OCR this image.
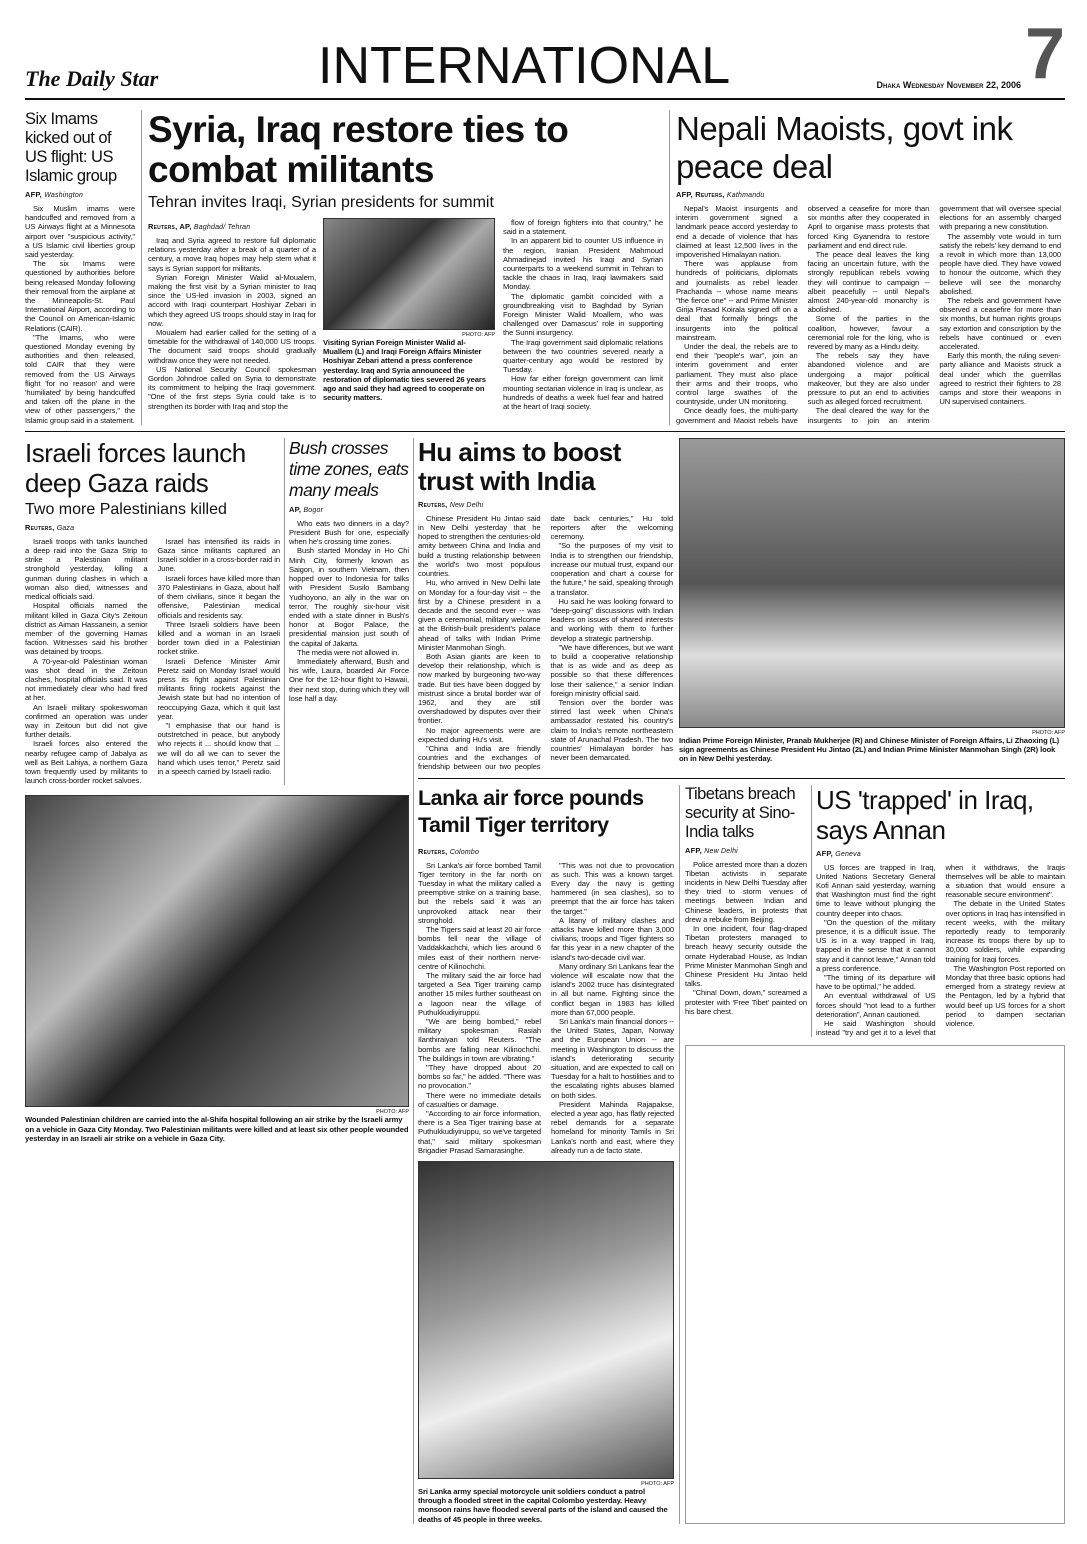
The Daily Star	INTERNATIONAL	Dhaka Wednesday November 22, 2006 7
Six Imams kicked out of US flight: US Islamic group
AFP, Washington

Six Muslim imams were handcuffed and removed from a US Airways flight at a Minnesota airport over "suspicious activity," a US Islamic civil liberties group said yesterday.

The six Imams were questioned by authorities before being released Monday following their removal from the airplane at the Minneapolis-St. Paul International Airport, according to the Council on American-Islamic Relations (CAIR).

"The Imams, who were questioned Monday evening by authorities and then released, told CAIR that they were removed from the US Airways flight 'for no reason' and were 'humiliated' by being handcuffed and taken off the plane in the view of other passengers," the Islamic group said in a statement.

Syria, Iraq restore ties to combat militants
Tehran invites Iraqi, Syrian presidents for summit
Reuters, AP, Baghdad/ Tehran

Iraq and Syria agreed to restore full diplomatic relations yesterday after a break of a quarter of a century, a move Iraq hopes may help stem what it says is Syrian support for militants.

Syrian Foreign Minister Walid al-Moualem, making the first visit by a Syrian minister to Iraq since the US-led invasion in 2003, signed an accord with Iraqi counterpart Hoshiyar Zebari in which they agreed US troops should stay in Iraq for now.

Moualem had earlier called for the setting of a timetable for the withdrawal of 140,000 US troops. The document said troops should gradually withdraw once they were not needed.

US National Security Council spokesman Gordon Johndroe called on Syria to demonstrate its commitment to helping the Iraqi government. "One of the first steps Syria could take is to strengthen its border with Iraq and stop the

PHOTO: AFP
Visiting Syrian Foreign Minister Walid al-Muallem (L) and Iraqi Foreign Affairs Minister Hoshiyar Zebari attend a press conference yesterday. Iraq and Syria announced the restoration of diplomatic ties severed 26 years ago and said they had agreed to cooperate on security matters.

flow of foreign fighters into that country," he said in a statement.

In an apparent bid to counter US influence in the region, Iranian President Mahmoud Ahmadinejad invited his Iraqi and Syrian counterparts to a weekend summit in Tehran to tackle the chaos in Iraq, Iraqi lawmakers said Monday.

The diplomatic gambit coincided with a groundbreaking visit to Baghdad by Syrian Foreign Minister Walid Moallem, who was challenged over Damascus' role in supporting the Sunni insurgency.

The Iraqi government said diplomatic relations between the two countries severed nearly a quarter-century ago would be restored by Tuesday.

How far either foreign government can limit mounting sectarian violence in Iraq is unclear, as hundreds of deaths a week fuel fear and hatred at the heart of Iraqi society.

Nepali Maoists, govt ink peace deal
AFP, Reuters, Kathmandu

Nepal's Maoist insurgents and interim government signed a landmark peace accord yesterday to end a decade of violence that has claimed at least 12,500 lives in the impoverished Himalayan nation.

There was applause from hundreds of politicians, diplomats and journalists as rebel leader Prachanda -- whose name means "the fierce one" -- and Prime Minister Girija Prasad Koirala signed off on a deal that formally brings the insurgents into the political mainstream.

Under the deal, the rebels are to end their "people's war", join an interim government and enter parliament. They must also place their arms and their troops, who control large swathes of the countryside, under UN monitoring.

Once deadly foes, the multi-party government and Maoist rebels have observed a ceasefire for more than six months after they cooperated in April to organise mass protests that forced King Gyanendra to restore parliament and end direct rule.

The peace deal leaves the king facing an uncertain future, with the strongly republican rebels vowing they will continue to campaign -- albeit peacefully -- until Nepal's almost 240-year-old monarchy is abolished.

Some of the parties in the coalition, however, favour a ceremonial role for the king, who is revered by many as a Hindu deity.

The rebels say they have abandoned violence and are undergoing a major political makeover, but they are also under pressure to put an end to activities such as alleged forced recruitment.

The deal cleared the way for the insurgents to join an interim government that will oversee special elections for an assembly charged with preparing a new constitution.

The assembly vote would in turn satisfy the rebels' key demand to end a revolt in which more than 13,000 people have died. They have vowed to honour the outcome, which they believe will see the monarchy abolished.

The rebels and government have observed a ceasefire for more than six months, but human rights groups say extortion and conscription by the rebels have continued or even accelerated.

Early this month, the ruling seven-party alliance and Maoists struck a deal under which the guerrillas agreed to restrict their fighters to 28 camps and store their weapons in UN supervised containers.

Israeli forces launch deep Gaza raids
Two more Palestinians killed
Reuters, Gaza

Israeli troops with tanks launched a deep raid into the Gaza Strip to strike a Palestinian militant stronghold yesterday, killing a gunman during clashes in which a woman also died, witnesses and medical officials said.

Hospital officials named the militant killed in Gaza City's Zeitoun district as Aiman Hassanein, a senior member of the governing Hamas faction. Witnesses said his brother was detained by troops.

A 70-year-old Palestinian woman was shot dead in the Zeitoun clashes, hospital officials said. It was not immediately clear who had fired at her.

An Israeli military spokeswoman confirmed an operation was under way in Zeitoun but did not give further details.

Israeli forces also entered the nearby refugee camp of Jabalya as well as Beit Lahiya, a northern Gaza town frequently used by militants to launch cross-border rocket salvoes.

Israel has intensified its raids in Gaza since militants captured an Israeli soldier in a cross-border raid in June.

Israeli forces have killed more than 370 Palestinians in Gaza, about half of them civilians, since it began the offensive, Palestinian medical officials and residents say.

Three Israeli soldiers have been killed and a woman in an Israeli border town died in a Palestinian rocket strike.

Israeli Defence Minister Amir Peretz said on Monday Israel would press its fight against Palestinian militants firing rockets against the Jewish state but had no intention of reoccupying Gaza, which it quit last year.

"I emphasise that our hand is outstretched in peace, but anybody who rejects it ... should know that ... we will do all we can to sever the hand which uses terror," Peretz said in a speech carried by Israeli radio.

Bush crosses time zones, eats many meals
AP, Bogor

Who eats two dinners in a day? President Bush for one, especially when he's crossing time zones.

Bush started Monday in Ho Chi Minh City, formerly known as Saigon, in southern Vietnam, then hopped over to Indonesia for talks with President Susilo Bambang Yudhoyono, an ally in the war on terror. The roughly six-hour visit ended with a state dinner in Bush's honor at Bogor Palace, the presidential mansion just south of the capital of Jakarta.

The media were not allowed in.

Immediately afterward, Bush and his wife, Laura, boarded Air Force One for the 12-hour flight to Hawaii, their next stop, during which they will lose half a day.

PHOTO: AFP
Wounded Palestinian children are carried into the al-Shifa hospital following an air strike by the Israeli army on a vehicle in Gaza City Monday. Two Palestinian militants were killed and at least six other people wounded yesterday in an Israeli air strike on a vehicle in Gaza City.
Hu aims to boost trust with India
Reuters, New Delhi

Chinese President Hu Jintao said in New Delhi yesterday that he hoped to strengthen the centuries-old amity between China and India and build a trusting relationship between the world's two most populous countries.

Hu, who arrived in New Delhi late on Monday for a four-day visit -- the first by a Chinese president in a decade and the second ever -- was given a ceremonial, military welcome at the British-built president's palace ahead of talks with Indian Prime Minister Manmohan Singh.

Both Asian giants are keen to develop their relationship, which is now marked by burgeoning two-way trade. But ties have been dogged by mistrust since a brutal border war of 1962, and they are still overshadowed by disputes over their frontier.

No major agreements were are expected during Hu's visit.

"China and India are friendly countries and the exchanges of friendship between our two peoples date back centuries," Hu told reporters after the welcoming ceremony.

"So the purposes of my visit to India is to strengthen our friendship, increase our mutual trust, expand our cooperation and chart a course for the future," he said, speaking through a translator.

Hu said he was looking forward to "deep-going" discussions with Indian leaders on issues of shared interests and working with them to further develop a strategic partnership.

"We have differences, but we want to build a cooperative relationship that is as wide and as deep as possible so that these differences lose their salience," a senior Indian foreign ministry official said.

Tension over the border was stirred last week when China's ambassador restated his country's claim to India's remote northeastern state of Arunachal Pradesh. The two countries' Himalayan border has never been demarcated.

PHOTO: AFP
Indian Prime Foreign Minister, Pranab Mukherjee (R) and Chinese Minister of Foreign Affairs, Li Zhaoxing (L) sign agreements as Chinese President Hu Jintao (2L) and Indian Prime Minister Manmohan Singh (2R) look on in New Delhi yesterday.
Lanka air force pounds Tamil Tiger territory
Reuters, Colombo

Sri Lanka's air force bombed Tamil Tiger territory in the far north on Tuesday in what the military called a preemptive strike on a training base, but the rebels said it was an unprovoked attack near their stronghold.

The Tigers said at least 20 air force bombs fell near the village of Vaddakkachchi, which lies around 6 miles east of their northern nerve-centre of Kilinochchi.

The military said the air force had targeted a Sea Tiger training camp another 15 miles further southeast on a lagoon near the village of Puthukkudiyiruppu.

"We are being bombed," rebel military spokesman Rasiah Ilanthiraiyan told Reuters. "The bombs are falling near Kilinochchi. The buildings in town are vibrating."

"They have dropped about 20 bombs so far," he added. "There was no provocation."

There were no immediate details of casualties or damage.

"According to air force information, there is a Sea Tiger training base at Puthukkudiyiruppu, so we've targeted that," said military spokesman Brigadier Prasad Samarasinghe.

"This was not due to provocation as such. This was a known target. Every day the navy is getting hammered (in sea clashes), so to preempt that the air force has taken the target."

A litany of military clashes and attacks have killed more than 3,000 civilians, troops and Tiger fighters so far this year in a new chapter of the island's two-decade civil war.

Many ordinary Sri Lankans fear the violence will escalate now that the island's 2002 truce has disintegrated in all but name. Fighting since the conflict began in 1983 has killed more than 67,000 people.

Sri Lanka's main financial donors -- the United States, Japan, Norway and the European Union -- are meeting in Washington to discuss the island's deteriorating security situation, and are expected to call on Tuesday for a halt to hostilities and to the escalating rights abuses blamed on both sides.

President Mahinda Rajapakse, elected a year ago, has flatly rejected rebel demands for a separate homeland for minority Tamils in Sri Lanka's north and east, where they already run a de facto state.

PHOTO: AFP
Sri Lanka army special motorcycle unit soldiers conduct a patrol through a flooded street in the capital Colombo yesterday. Heavy monsoon rains have flooded several parts of the island and caused the deaths of 45 people in three weeks.
Tibetans breach security at Sino-India talks
AFP, New Delhi

Police arrested more than a dozen Tibetan activists in separate incidents in New Delhi Tuesday after they tried to storm venues of meetings between Indian and Chinese leaders, in protests that drew a rebuke from Beijing.

In one incident, four flag-draped Tibetan protesters managed to breach heavy security outside the ornate Hyderabad House, as Indian Prime Minister Manmohan Singh and Chinese President Hu Jintao held talks.

"China! Down, down," screamed a protester with 'Free Tibet' painted on his bare chest.

US 'trapped' in Iraq, says Annan
AFP, Geneva

US forces are trapped in Iraq, United Nations Secretary General Kofi Annan said yesterday, warning that Washington must find the right time to leave without plunging the country deeper into chaos.

"On the question of the military presence, it is a difficult issue. The US is in a way trapped in Iraq, trapped in the sense that it cannot stay and it cannot leave," Annan told a press conference.

"The timing of its departure will have to be optimal," he added.

An eventual withdrawal of US forces should "not lead to a further deterioration", Annan cautioned.

He said Washington should instead "try and get it to a level that when it withdraws, the Iraqis themselves will be able to maintain a situation that would ensure a reasonable secure environment".

The debate in the United States over options in Iraq has intensified in recent weeks, with the military reportedly ready to temporarily increase its troops there by up to 30,000 soldiers, while expanding training for Iraqi forces.

The Washington Post reported on Monday that three basic options had emerged from a strategy review at the Pentagon, led by a hybrid that would beef up US forces for a short period to dampen sectarian violence.
